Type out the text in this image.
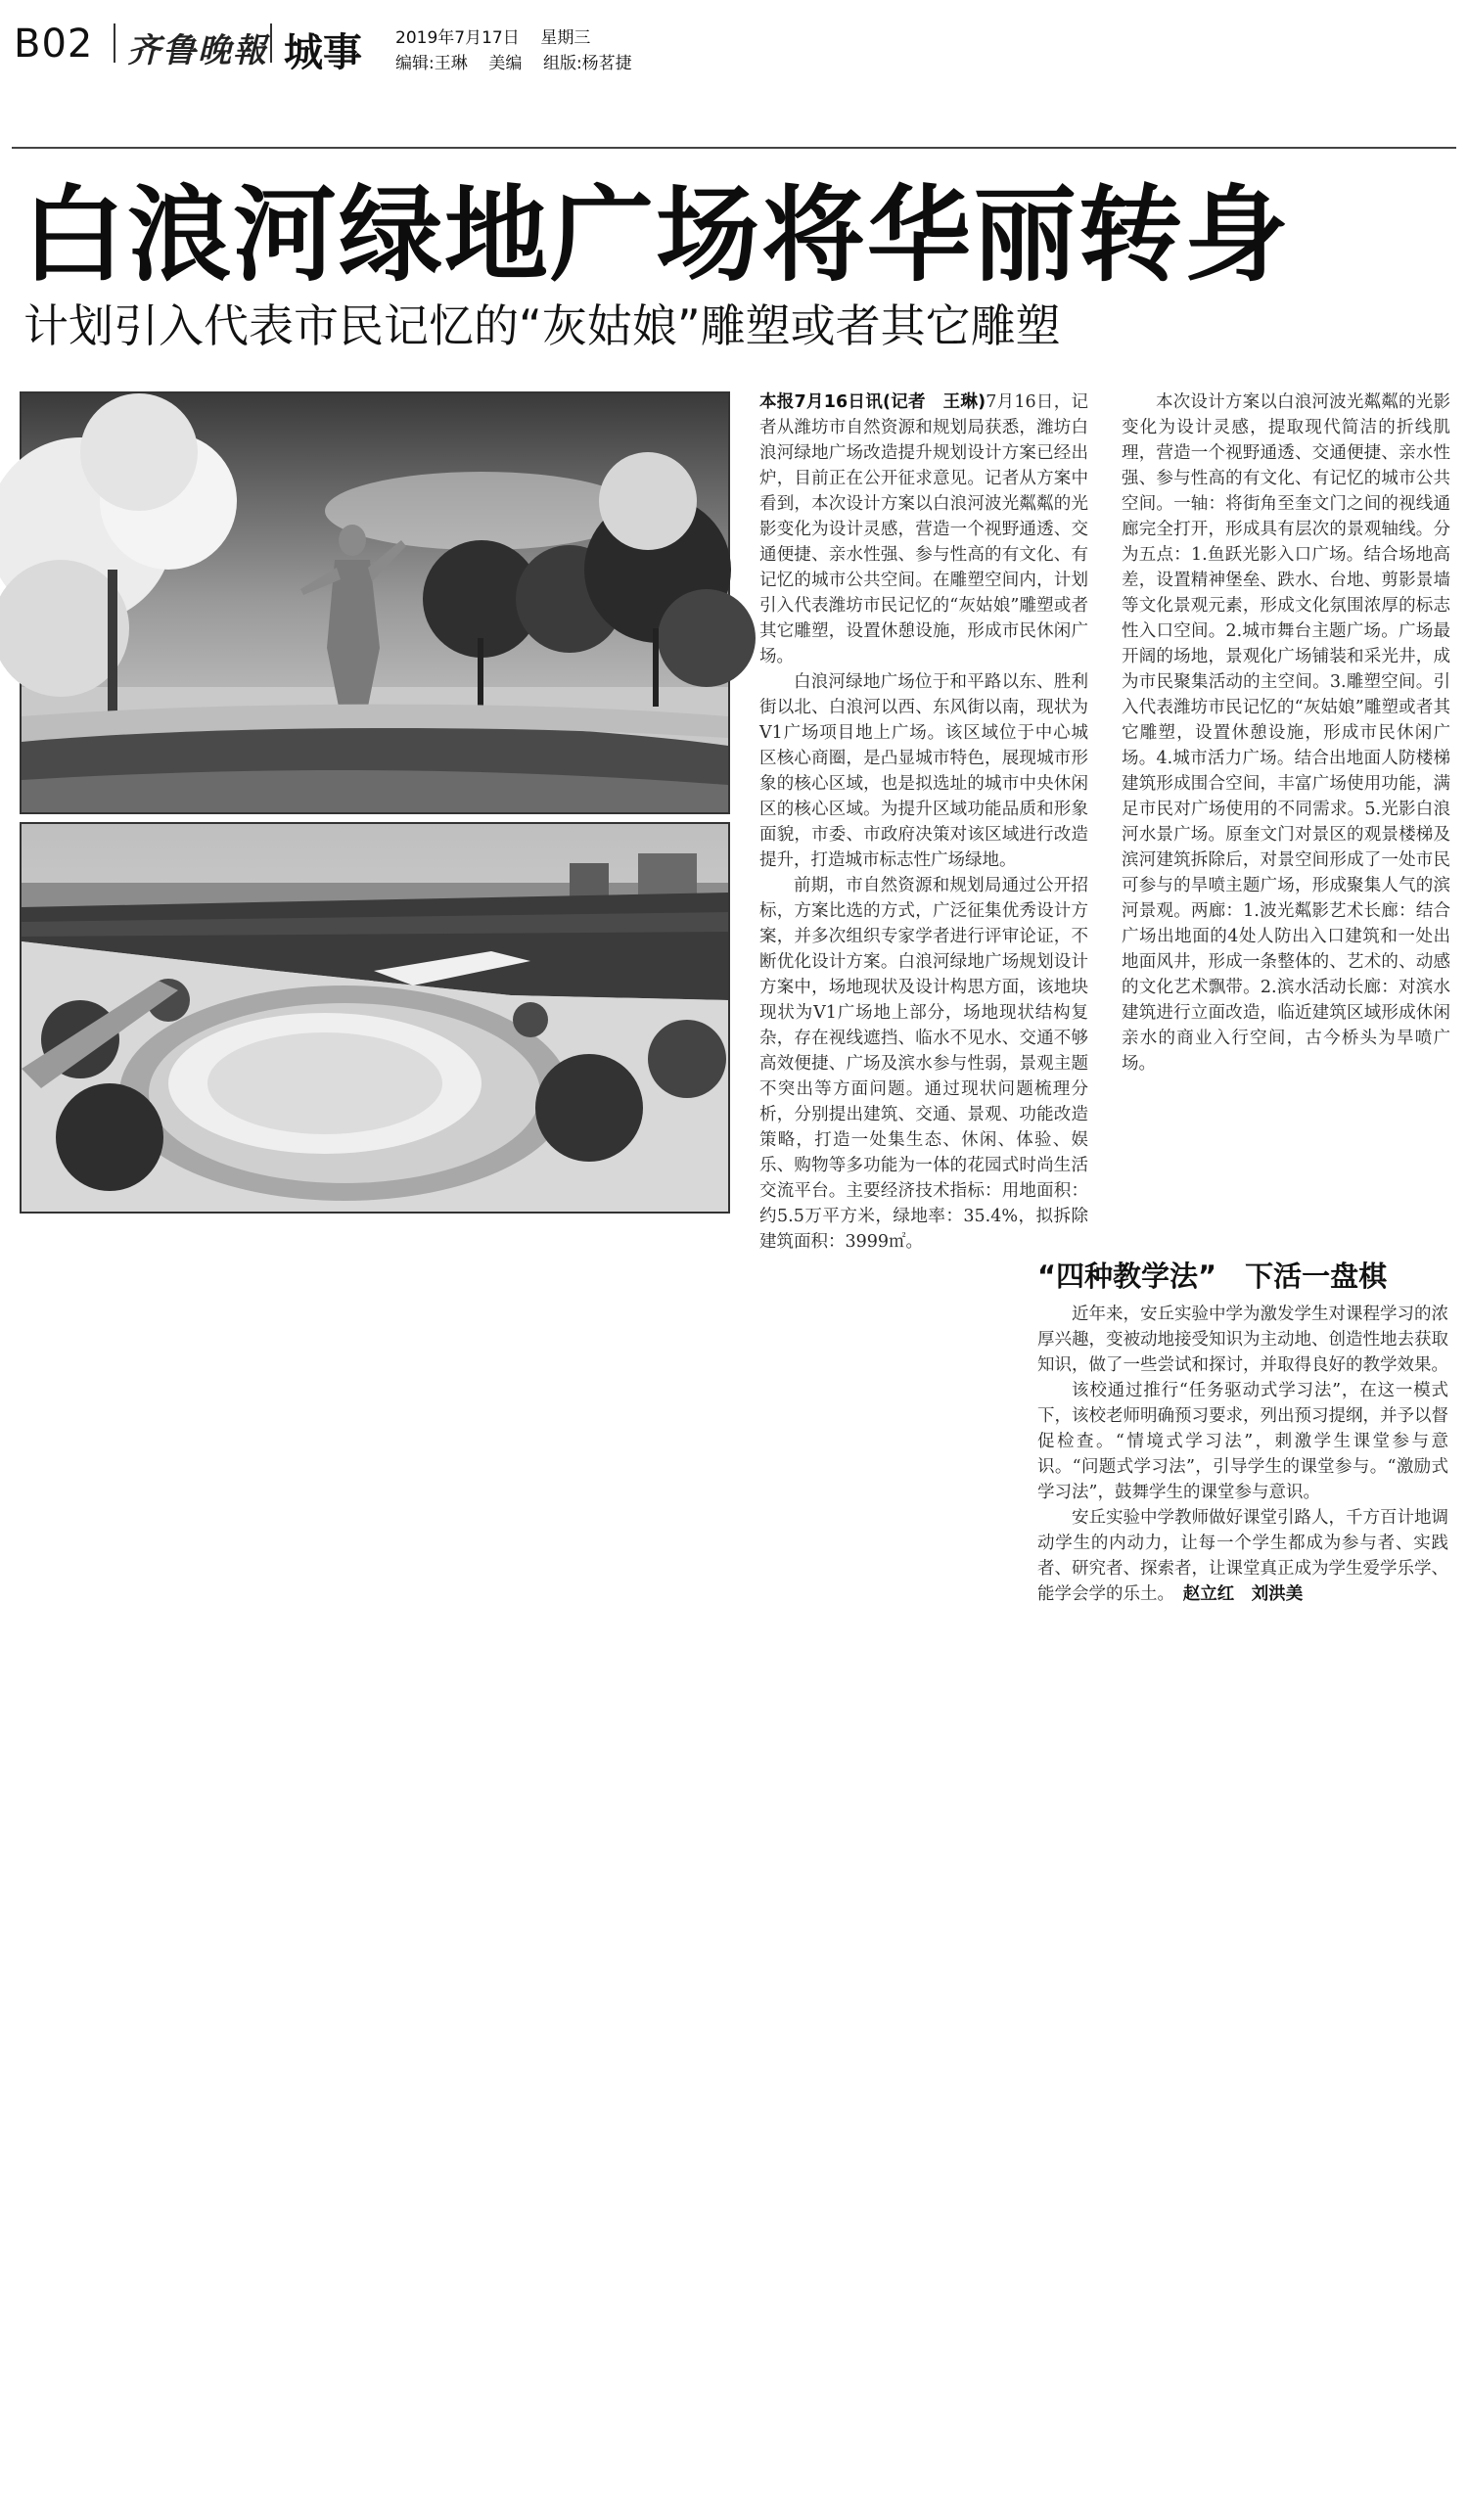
B02 齐鲁晚報 城事 2019年7月17日    星期三
编辑:王琳    美编    组版:杨茗捷
白浪河绿地广场将华丽转身
计划引入代表市民记忆的“灰姑娘”雕塑或者其它雕塑

本报7月16日讯(记者　王琳)7月16日，记者从潍坊市自然资源和规划局获悉，潍坊白浪河绿地广场改造提升规划设计方案已经出炉，目前正在公开征求意见。记者从方案中看到，本次设计方案以白浪河波光粼粼的光影变化为设计灵感，营造一个视野通透、交通便捷、亲水性强、参与性高的有文化、有记忆的城市公共空间。在雕塑空间内，计划引入代表潍坊市民记忆的“灰姑娘”雕塑或者其它雕塑，设置休憩设施，形成市民休闲广场。

白浪河绿地广场位于和平路以东、胜利街以北、白浪河以西、东风街以南，现状为V1广场项目地上广场。该区域位于中心城区核心商圈，是凸显城市特色，展现城市形象的核心区域，也是拟选址的城市中央休闲区的核心区域。为提升区域功能品质和形象面貌，市委、市政府决策对该区域进行改造提升，打造城市标志性广场绿地。

前期，市自然资源和规划局通过公开招标，方案比选的方式，广泛征集优秀设计方案，并多次组织专家学者进行评审论证，不断优化设计方案。白浪河绿地广场规划设计方案中，场地现状及设计构思方面，该地块现状为V1广场地上部分，场地现状结构复杂，存在视线遮挡、临水不见水、交通不够高效便捷、广场及滨水参与性弱，景观主题不突出等方面问题。通过现状问题梳理分析，分别提出建筑、交通、景观、功能改造策略，打造一处集生态、休闲、体验、娱乐、购物等多功能为一体的花园式时尚生活交流平台。主要经济技术指标：用地面积：约5.5万平方米，绿地率：35.4%，拟拆除建筑面积：3999㎡。

本次设计方案以白浪河波光粼粼的光影变化为设计灵感，提取现代简洁的折线肌理，营造一个视野通透、交通便捷、亲水性强、参与性高的有文化、有记忆的城市公共空间。一轴：将街角至奎文门之间的视线通廊完全打开，形成具有层次的景观轴线。分为五点：1.鱼跃光影入口广场。结合场地高差，设置精神堡垒、跌水、台地、剪影景墙等文化景观元素，形成文化氛围浓厚的标志性入口空间。2.城市舞台主题广场。广场最开阔的场地，景观化广场铺装和采光井，成为市民聚集活动的主空间。3.雕塑空间。引入代表潍坊市民记忆的“灰姑娘”雕塑或者其它雕塑，设置休憩设施，形成市民休闲广场。4.城市活力广场。结合出地面人防楼梯建筑形成围合空间，丰富广场使用功能，满足市民对广场使用的不同需求。5.光影白浪河水景广场。原奎文门对景区的观景楼梯及滨河建筑拆除后，对景空间形成了一处市民可参与的旱喷主题广场，形成聚集人气的滨河景观。两廊：1.波光粼影艺术长廊：结合广场出地面的4处人防出入口建筑和一处出地面风井，形成一条整体的、艺术的、动感的文化艺术飘带。2.滨水活动长廊：对滨水建筑进行立面改造，临近建筑区域形成休闲亲水的商业入行空间，古今桥头为旱喷广场。

“四种教学法”　下活一盘棋

近年来，安丘实验中学为激发学生对课程学习的浓厚兴趣，变被动地接受知识为主动地、创造性地去获取知识，做了一些尝试和探讨，并取得良好的教学效果。

该校通过推行“任务驱动式学习法”，在这一模式下，该校老师明确预习要求，列出预习提纲，并予以督促检查。“情境式学习法”，刺激学生课堂参与意识。“问题式学习法”，引导学生的课堂参与。“激励式学习法”，鼓舞学生的课堂参与意识。

安丘实验中学教师做好课堂引路人，千方百计地调动学生的内动力，让每一个学生都成为参与者、实践者、研究者、探索者，让课堂真正成为学生爱学乐学、能学会学的乐土。　 赵立红　刘洪美
